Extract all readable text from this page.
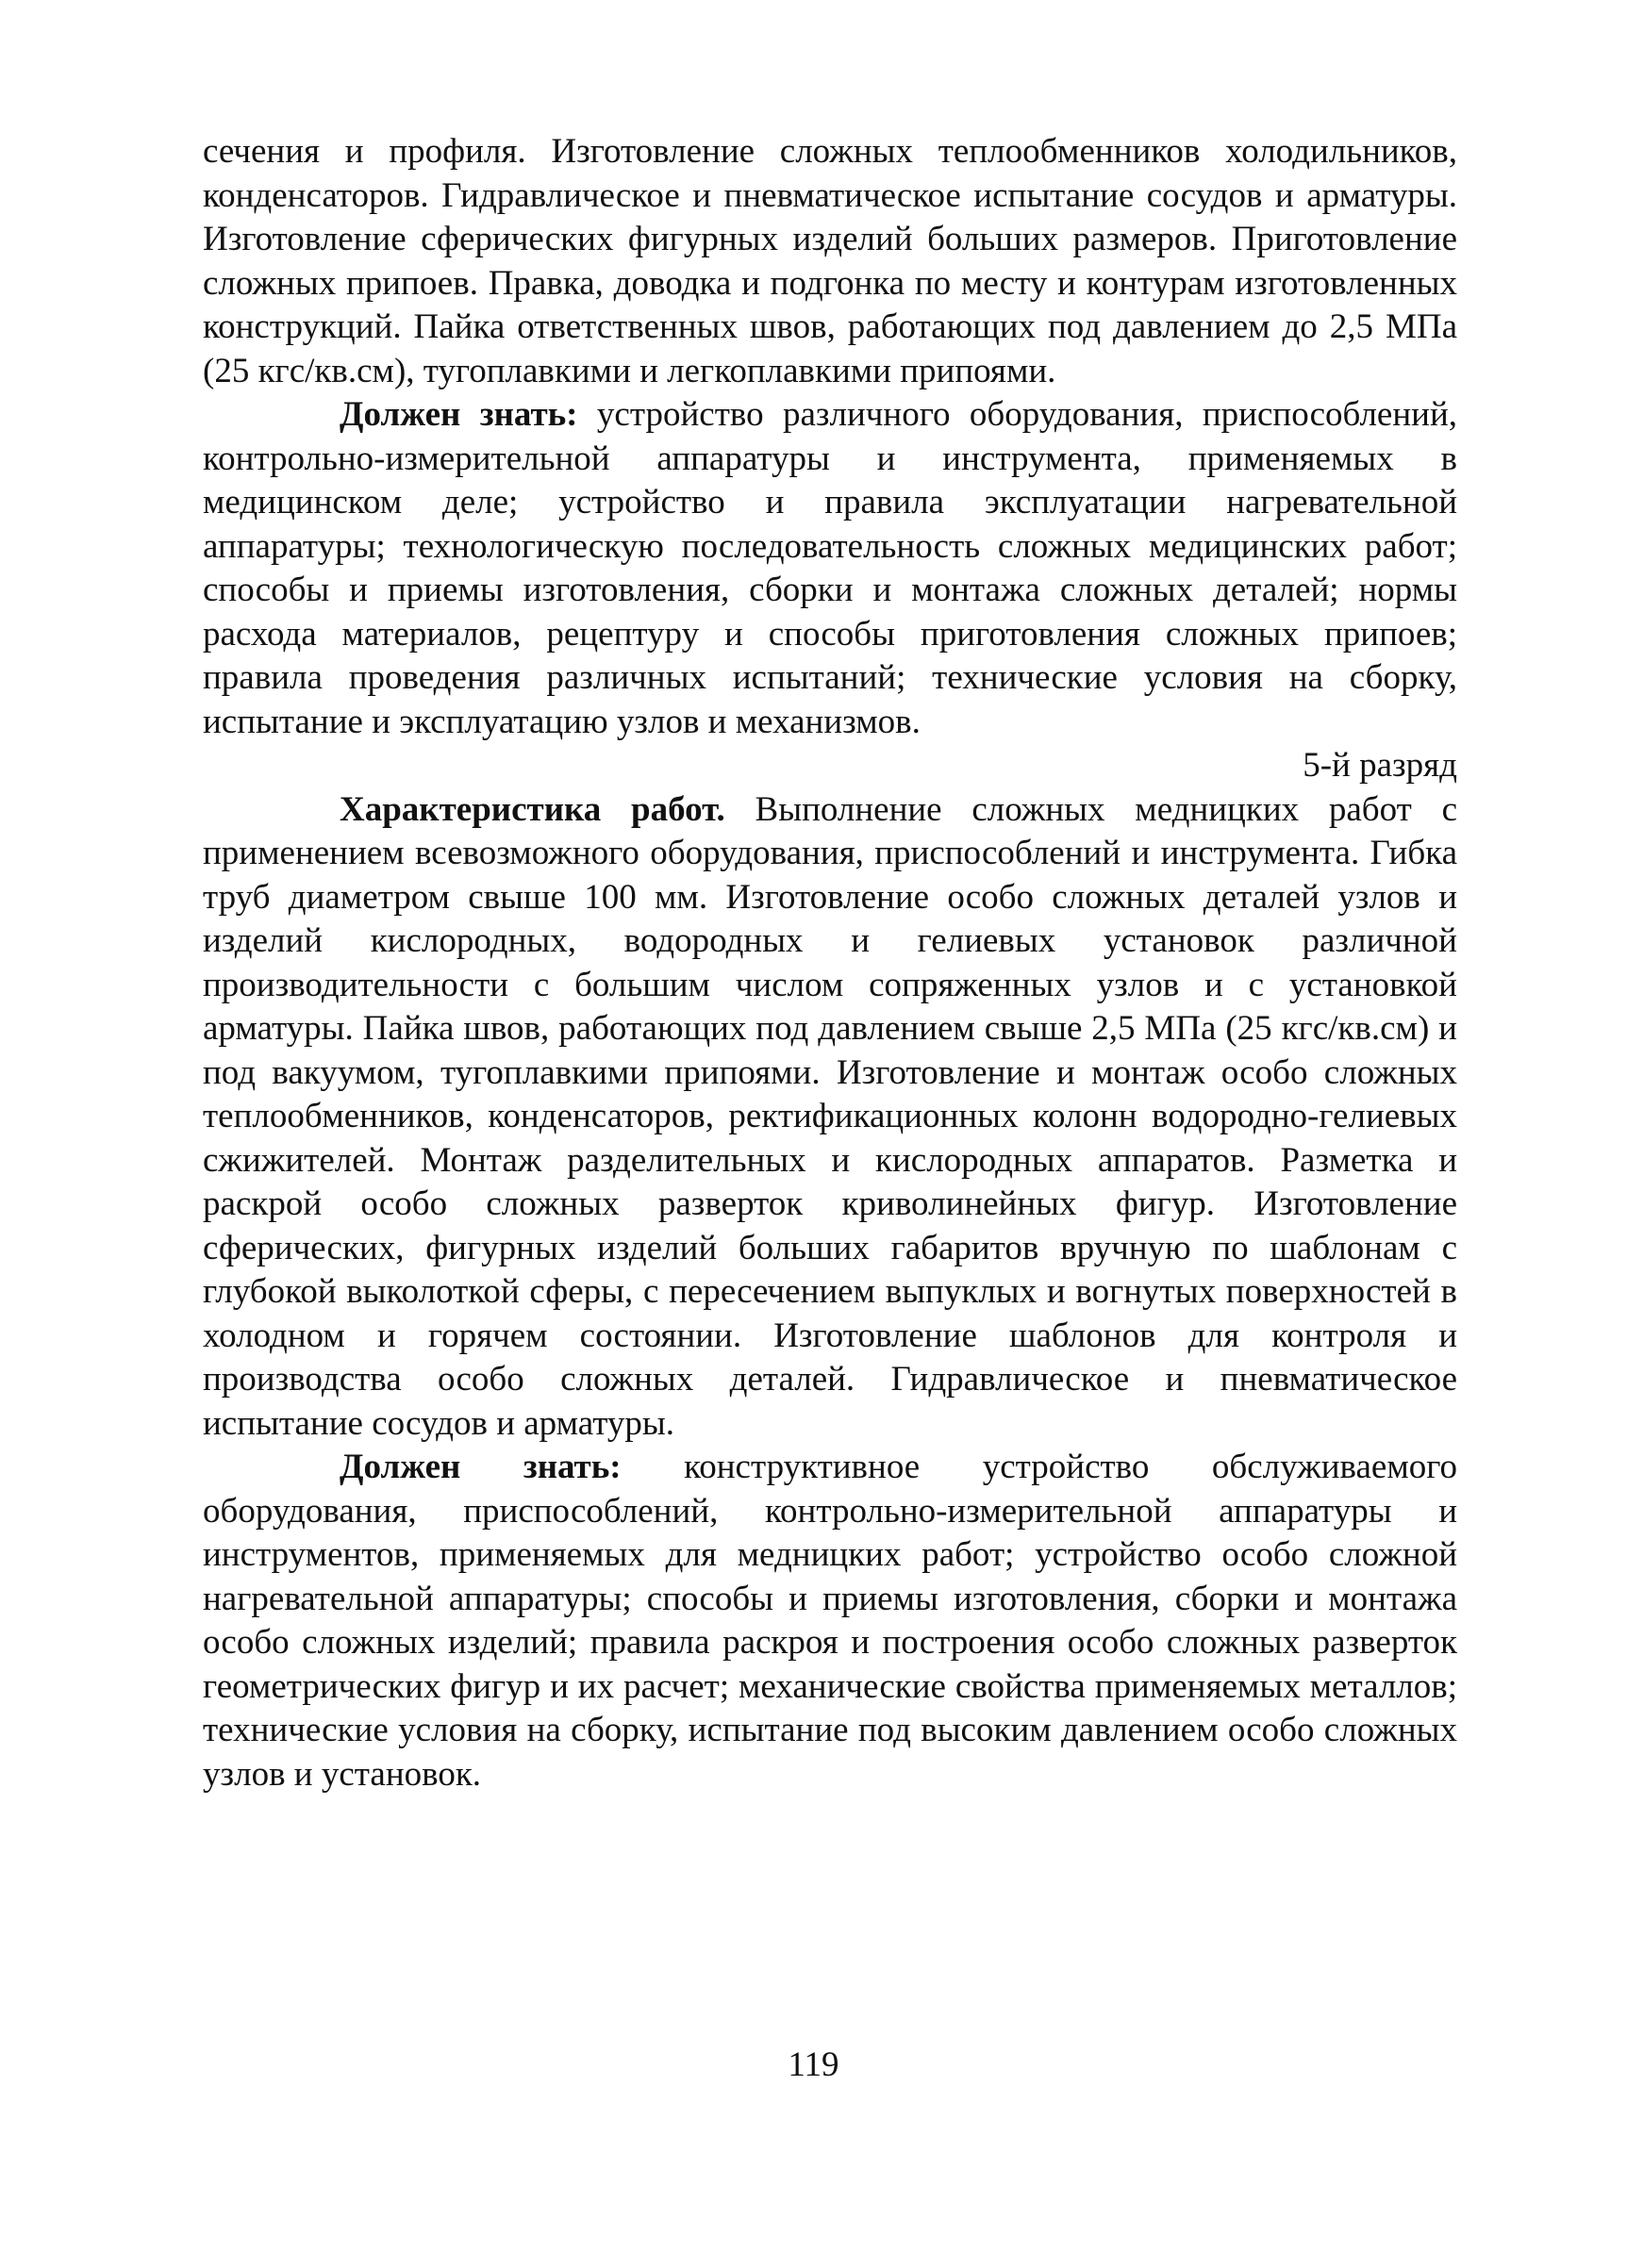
сечения и профиля. Изготовление сложных теплообменников холодильников, конденсаторов. Гидравлическое и пневматическое испытание сосудов и арматуры. Изготовление сферических фигурных изделий больших размеров. Приготовление сложных припоев. Правка, доводка и подгонка по месту и контурам изготовленных конструкций. Пайка ответственных швов, работающих под давлением до 2,5 МПа (25 кгс/кв.см), тугоплавкими и легкоплавкими припоями.

Должен знать: устройство различного оборудования, приспособлений, контрольно-измерительной аппаратуры и инструмента, применяемых в медицинском деле; устройство и правила эксплуатации нагревательной аппаратуры; технологическую последовательность сложных медицинских работ; способы и приемы изготовления, сборки и монтажа сложных деталей; нормы расхода материалов, рецептуру и способы приготовления сложных припоев; правила проведения различных испытаний; технические условия на сборку, испытание и эксплуатацию узлов и механизмов.

5-й разряд

Характеристика работ. Выполнение сложных медницких работ с применением всевозможного оборудования, приспособлений и инструмента. Гибка труб диаметром свыше 100 мм. Изготовление особо сложных деталей узлов и изделий кислородных, водородных и гелиевых установок различной производительности с большим числом сопряженных узлов и с установкой арматуры. Пайка швов, работающих под давлением свыше 2,5 МПа (25 кгс/кв.см) и под вакуумом, тугоплавкими припоями. Изготовление и монтаж особо сложных теплообменников, конденсаторов, ректификационных колонн водородно-гелиевых сжижителей. Монтаж разделительных и кислородных аппаратов. Разметка и раскрой особо сложных разверток криволинейных фигур. Изготовление сферических, фигурных изделий больших габаритов вручную по шаблонам с глубокой выколоткой сферы, с пересечением выпуклых и вогнутых поверхностей в холодном и горячем состоянии. Изготовление шаблонов для контроля и производства особо сложных деталей. Гидравлическое и пневматическое испытание сосудов и арматуры.

Должен знать: конструктивное устройство обслуживаемого оборудования, приспособлений, контрольно-измерительной аппаратуры и инструментов, применяемых для медницких работ; устройство особо сложной нагревательной аппаратуры; способы и приемы изготовления, сборки и монтажа особо сложных изделий; правила раскроя и построения особо сложных разверток геометрических фигур и их расчет; механические свойства применяемых металлов; технические условия на сборку, испытание под высоким давлением особо сложных узлов и установок.

119
